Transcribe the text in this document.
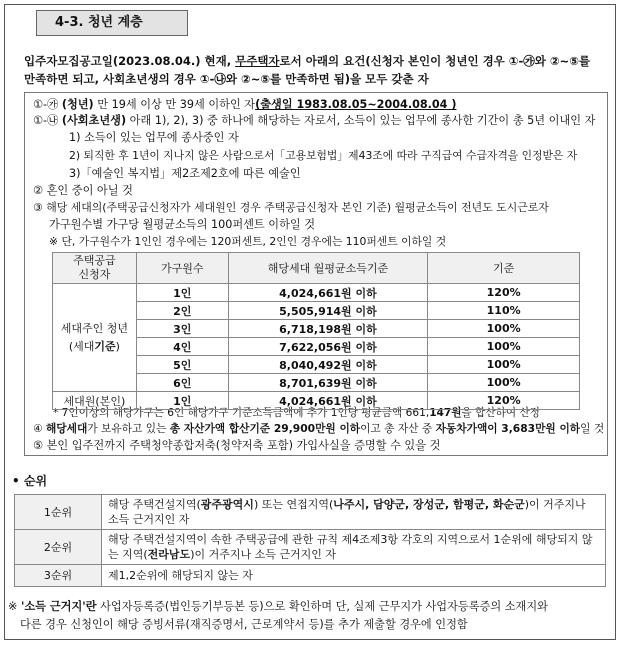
4-3. 청년 계층
입주자모집공고일(2023.08.04.) 현재, 무주택자로서 아래의 요건(신청자 본인이 청년인 경우 ①-㉮와 ②~⑤를
만족하면 되고, 사회초년생의 경우 ①-㉯와 ②~⑤를 만족하면 됨)을 모두 갖춘 자
①-㉮ (청년) 만 19세 이상 만 39세 이하인 자(출생일 1983.08.05~2004.08.04 )
①-㉯ (사회초년생) 아래 1), 2), 3) 중 하나에 해당하는 자로서, 소득이 있는 업무에 종사한 기간이 총 5년 이내인 자
1) 소득이 있는 업무에 종사중인 자
2) 퇴직한 후 1년이 지나지 않은 사람으로서「고용보험법」제43조에 따라 구직급여 수급자격을 인정받은 자
3)「예술인 복지법」제2조제2호에 따른 예술인
② 혼인 중이 아닐 것
③ 해당 세대의(주택공급신청자가 세대원인 경우 주택공급신청자 본인 기준) 월평균소득이 전년도 도시근로자
가구원수별 가구당 월평균소득의 100퍼센트 이하일 것
※ 단, 가구원수가 1인인 경우에는 120퍼센트, 2인인 경우에는 110퍼센트 이하일 것
* 7인이상의 해당가구는 6인 해당가구 기준소득금액에 추가 1인당 평균금액 661,147원을 합산하여 산정
④ 해당세대가 보유하고 있는 총 자산가액 합산기준 29,900만원 이하이고 총 자산 중 자동차가액이 3,683만원 이하일 것
⑤ 본인 입주전까지 주택청약종합저축(청약저축 포함) 가입사실을 증명할 수 있을 것
주택공급
신청자	가구원수	해당세대 월평균소득기준	기준

세대주인 청년
(세대기준)	1인	4,024,661원 이하	120%
	2인	5,505,914원 이하	110%
	3인	6,718,198원 이하	100%
	4인	7,622,056원 이하	100%
	5인	8,040,492원 이하	100%
	6인	8,701,639원 이하	100%
세대원(본인)	1인	4,024,661원 이하	120%
• 순위
1순위	해당 주택건설지역(광주광역시) 또는 연접지역(나주시, 담양군, 장성군, 함평군, 화순군)이 거주지나 소득 근거지인 자
2순위	해당 주택건설지역이 속한 주택공급에 관한 규칙 제4조제3항 각호의 지역으로서 1순위에 해당되지 않는 지역(전라남도)이 거주지나 소득 근거지인 자
3순위	제1,2순위에 해당되지 않는 자
※ '소득 근거지'란 사업자등록증(법인등기부등본 등)으로 확인하며 단, 실제 근무지가 사업자등록증의 소재지와
다른 경우 신청인이 해당 증빙서류(재직증명서, 근로계약서 등)를 추가 제출할 경우에 인정함
